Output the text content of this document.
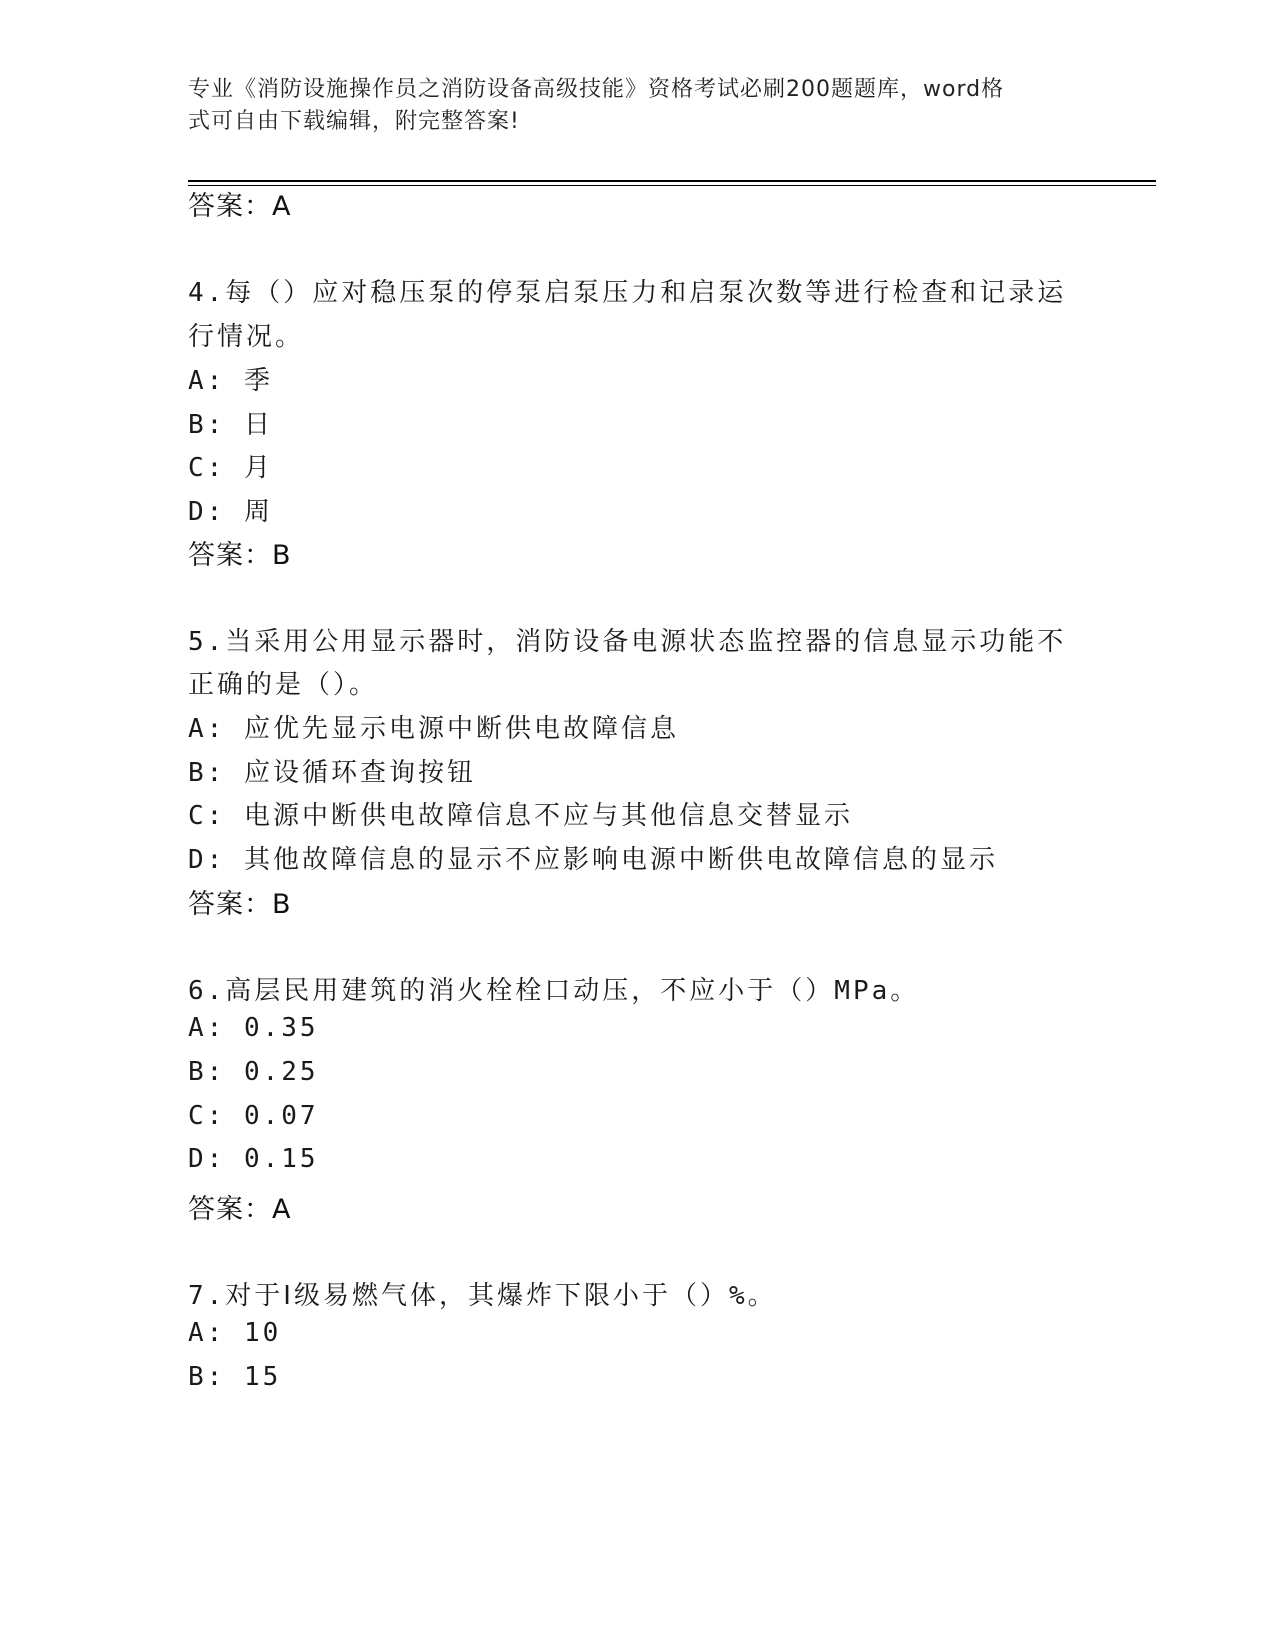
专业《消防设施操作员之消防设备高级技能》资格考试必刷200题题库，word格
式可自由下载编辑，附完整答案!
答案：A
4.每（）应对稳压泵的停泵启泵压力和启泵次数等进行检查和记录运
行情况。
A: 季
B: 日
C: 月
D: 周
答案：B
5.当采用公用显示器时，消防设备电源状态监控器的信息显示功能不
正确的是（）。
A: 应优先显示电源中断供电故障信息
B: 应设循环查询按钮
C: 电源中断供电故障信息不应与其他信息交替显示
D: 其他故障信息的显示不应影响电源中断供电故障信息的显示
答案：B
6.高层民用建筑的消火栓栓口动压，不应小于（）MPa。
A: 0.35
B: 0.25
C: 0.07
D: 0.15
答案：A
7.对于Ⅰ级易燃气体，其爆炸下限小于（）%。
A: 10
B: 15
